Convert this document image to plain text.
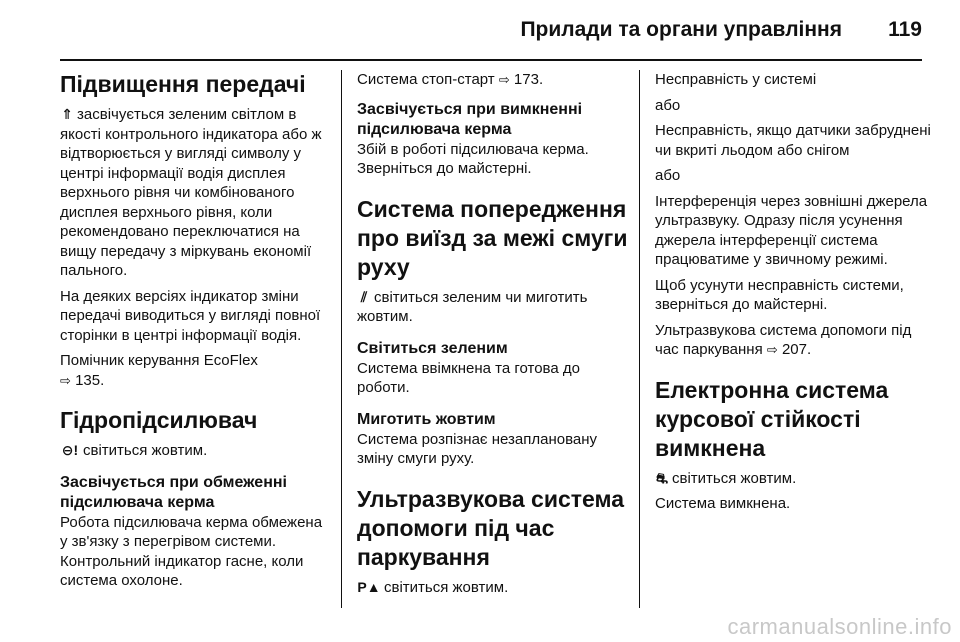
Прилади та органи управління 119
Підвищення передачі

⇑ засвічується зеленим світлом в якості контрольного індикатора або ж відтворюється у вигляді символу у центрі інформації водія дисплея верхнього рівня чи комбінованого дисплея верхнього рівня, коли рекомендовано переключатися на вищу передачу з міркувань економії пального.

На деяких версіях індикатор зміни передачі виводиться у вигляді повної сторінки в центрі інформації водія.

Помічник керування EcoFlex
⇨ 135.

Гідропідсилювач

⊖! світиться жовтим.

Засвічується при обмеженні підсилювача керма

Робота підсилювача керма обмежена у зв'язку з перегрівом системи. Контрольний індикатор гасне, коли система охолоне.

Система стоп-старт ⇨ 173.

Засвічується при вимкненні підсилювача керма

Збій в роботі підсилювача керма. Зверніться до майстерні.

Система попередження про виїзд за межі смуги руху

⫽ світиться зеленим чи миготить жовтим.

Світиться зеленим

Система ввімкнена та готова до роботи.

Миготить жовтим

Система розпізнає незаплановану зміну смуги руху.

Ультразвукова система допомоги під час паркування

P▲ світиться жовтим.

Несправність у системі

або

Несправність, якщо датчики забруднені чи вкриті льодом або снігом

або

Інтерференція через зовнішні джерела ультразвуку. Одразу після усунення джерела інтерференції система працюватиме у звичному режимі.

Щоб усунути несправність системи, зверніться до майстерні.

Ультразвукова система допомоги під час паркування ⇨ 207.

Електронна система курсової стійкості вимкнена

⛐ світиться жовтим.

Система вимкнена.

carmanualsonline.info
